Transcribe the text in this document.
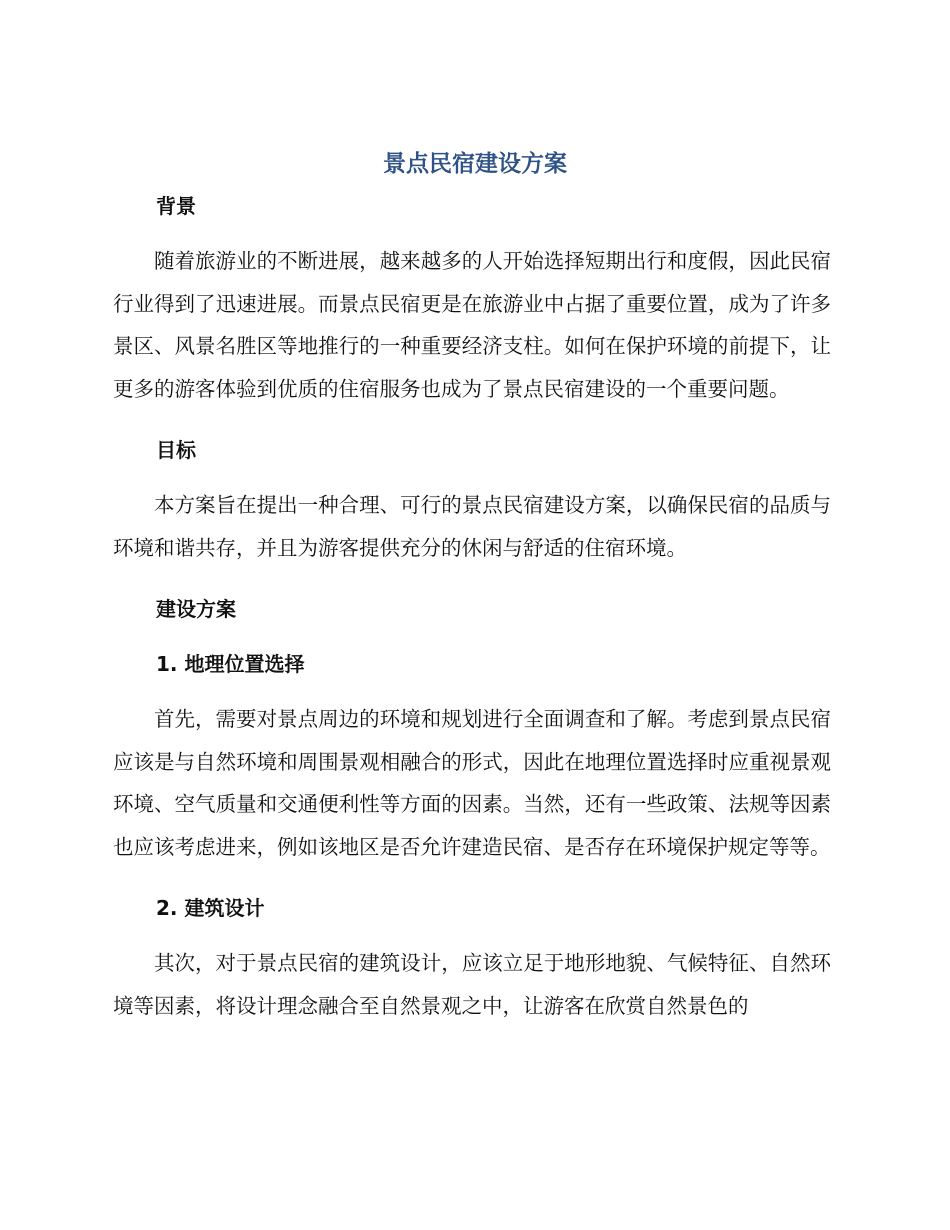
景点民宿建设方案
背景

随着旅游业的不断进展，越来越多的人开始选择短期出行和度假，因此民宿行业得到了迅速进展。而景点民宿更是在旅游业中占据了重要位置，成为了许多景区、风景名胜区等地推行的一种重要经济支柱。如何在保护环境的前提下，让更多的游客体验到优质的住宿服务也成为了景点民宿建设的一个重要问题。

目标

本方案旨在提出一种合理、可行的景点民宿建设方案，以确保民宿的品质与环境和谐共存，并且为游客提供充分的休闲与舒适的住宿环境。

建设方案
1. 地理位置选择

首先，需要对景点周边的环境和规划进行全面调查和了解。考虑到景点民宿应该是与自然环境和周围景观相融合的形式，因此在地理位置选择时应重视景观环境、空气质量和交通便利性等方面的因素。当然，还有一些政策、法规等因素也应该考虑进来，例如该地区是否允许建造民宿、是否存在环境保护规定等等。

2. 建筑设计

其次，对于景点民宿的建筑设计，应该立足于地形地貌、气候特征、自然环境等因素，将设计理念融合至自然景观之中，让游客在欣赏自然景色的
